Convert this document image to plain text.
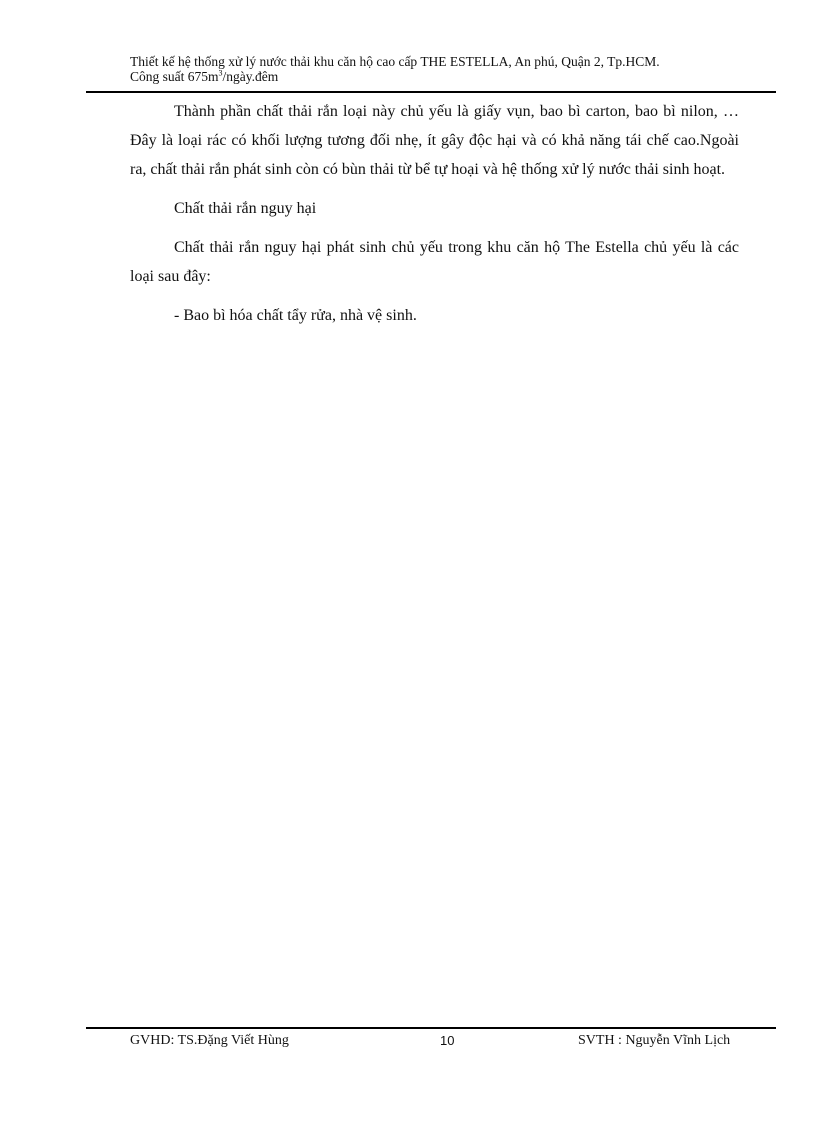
Thiết kế hệ thống xử lý nước thải khu căn hộ cao cấp THE ESTELLA, An phú, Quận 2, Tp.HCM.
Công suất $675m^3/ngày.đêm$

Thành phần chất thải rắn loại này chủ yếu là giấy vụn, bao bì carton, bao bì nilon, … Đây là loại rác có khối lượng tương đối nhẹ, ít gây độc hại và có khả năng tái chế cao.Ngoài ra, chất thải rắn phát sinh còn có bùn thải từ bể tự hoại và hệ thống xử lý nước thải sinh hoạt.

Chất thải rắn nguy hại

Chất thải rắn nguy hại phát sinh chủ yếu trong khu căn hộ The Estella chủ yếu là các loại sau đây:

- Bao bì hóa chất tẩy rửa, nhà vệ sinh.

GVHD: TS.Đặng Viết Hùng	10	SVTH : Nguyễn Vĩnh Lịch
